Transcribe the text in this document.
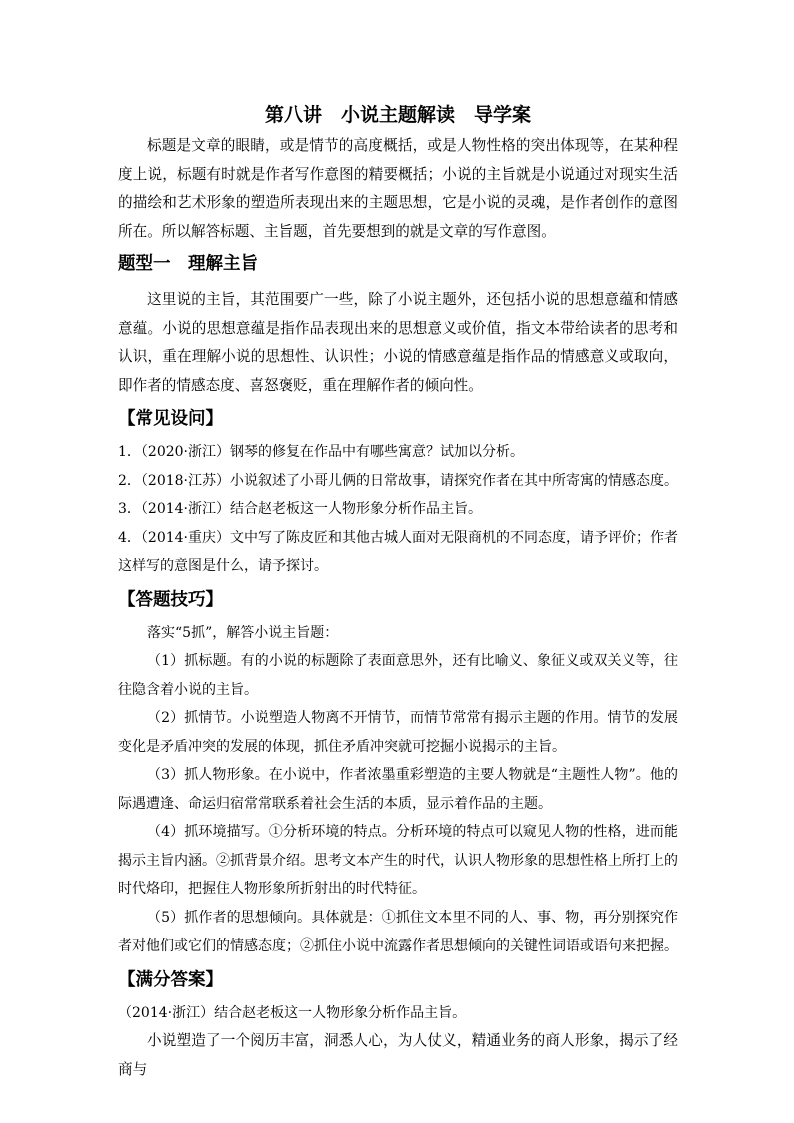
第八讲　小说主题解读　导学案

标题是文章的眼睛，或是情节的高度概括，或是人物性格的突出体现等，在某种程度上说，标题有时就是作者写作意图的精要概括；小说的主旨就是小说通过对现实生活的描绘和艺术形象的塑造所表现出来的主题思想，它是小说的灵魂，是作者创作的意图所在。所以解答标题、主旨题，首先要想到的就是文章的写作意图。

题型一　理解主旨

这里说的主旨，其范围要广一些，除了小说主题外，还包括小说的思想意蕴和情感意蕴。小说的思想意蕴是指作品表现出来的思想意义或价值，指文本带给读者的思考和认识，重在理解小说的思想性、认识性；小说的情感意蕴是指作品的情感意义或取向，即作者的情感态度、喜怒褒贬，重在理解作者的倾向性。

【常见设问】
1．（2020·浙江）钢琴的修复在作品中有哪些寓意？试加以分析。
2．（2018·江苏）小说叙述了小哥儿俩的日常故事，请探究作者在其中所寄寓的情感态度。
3．（2014·浙江）结合赵老板这一人物形象分析作品主旨。
4．（2014·重庆）文中写了陈皮匠和其他古城人面对无限商机的不同态度，请予评价；作者这样写的意图是什么，请予探讨。
【答题技巧】

落实“5抓”，解答小说主旨题：

（1）抓标题。有的小说的标题除了表面意思外，还有比喻义、象征义或双关义等，往往隐含着小说的主旨。

（2）抓情节。小说塑造人物离不开情节，而情节常常有揭示主题的作用。情节的发展变化是矛盾冲突的发展的体现，抓住矛盾冲突就可挖掘小说揭示的主旨。

（3）抓人物形象。在小说中，作者浓墨重彩塑造的主要人物就是“主题性人物”。他的际遇遭逢、命运归宿常常联系着社会生活的本质，显示着作品的主题。

（4）抓环境描写。①分析环境的特点。分析环境的特点可以窥见人物的性格，进而能揭示主旨内涵。②抓背景介绍。思考文本产生的时代，认识人物形象的思想性格上所打上的时代烙印，把握住人物形象所折射出的时代特征。

（5）抓作者的思想倾向。具体就是：①抓住文本里不同的人、事、物，再分别探究作者对他们或它们的情感态度；②抓住小说中流露作者思想倾向的关键性词语或语句来把握。

【满分答案】

（2014·浙江）结合赵老板这一人物形象分析作品主旨。

小说塑造了一个阅历丰富，洞悉人心，为人仗义，精通业务的商人形象，揭示了经商与
